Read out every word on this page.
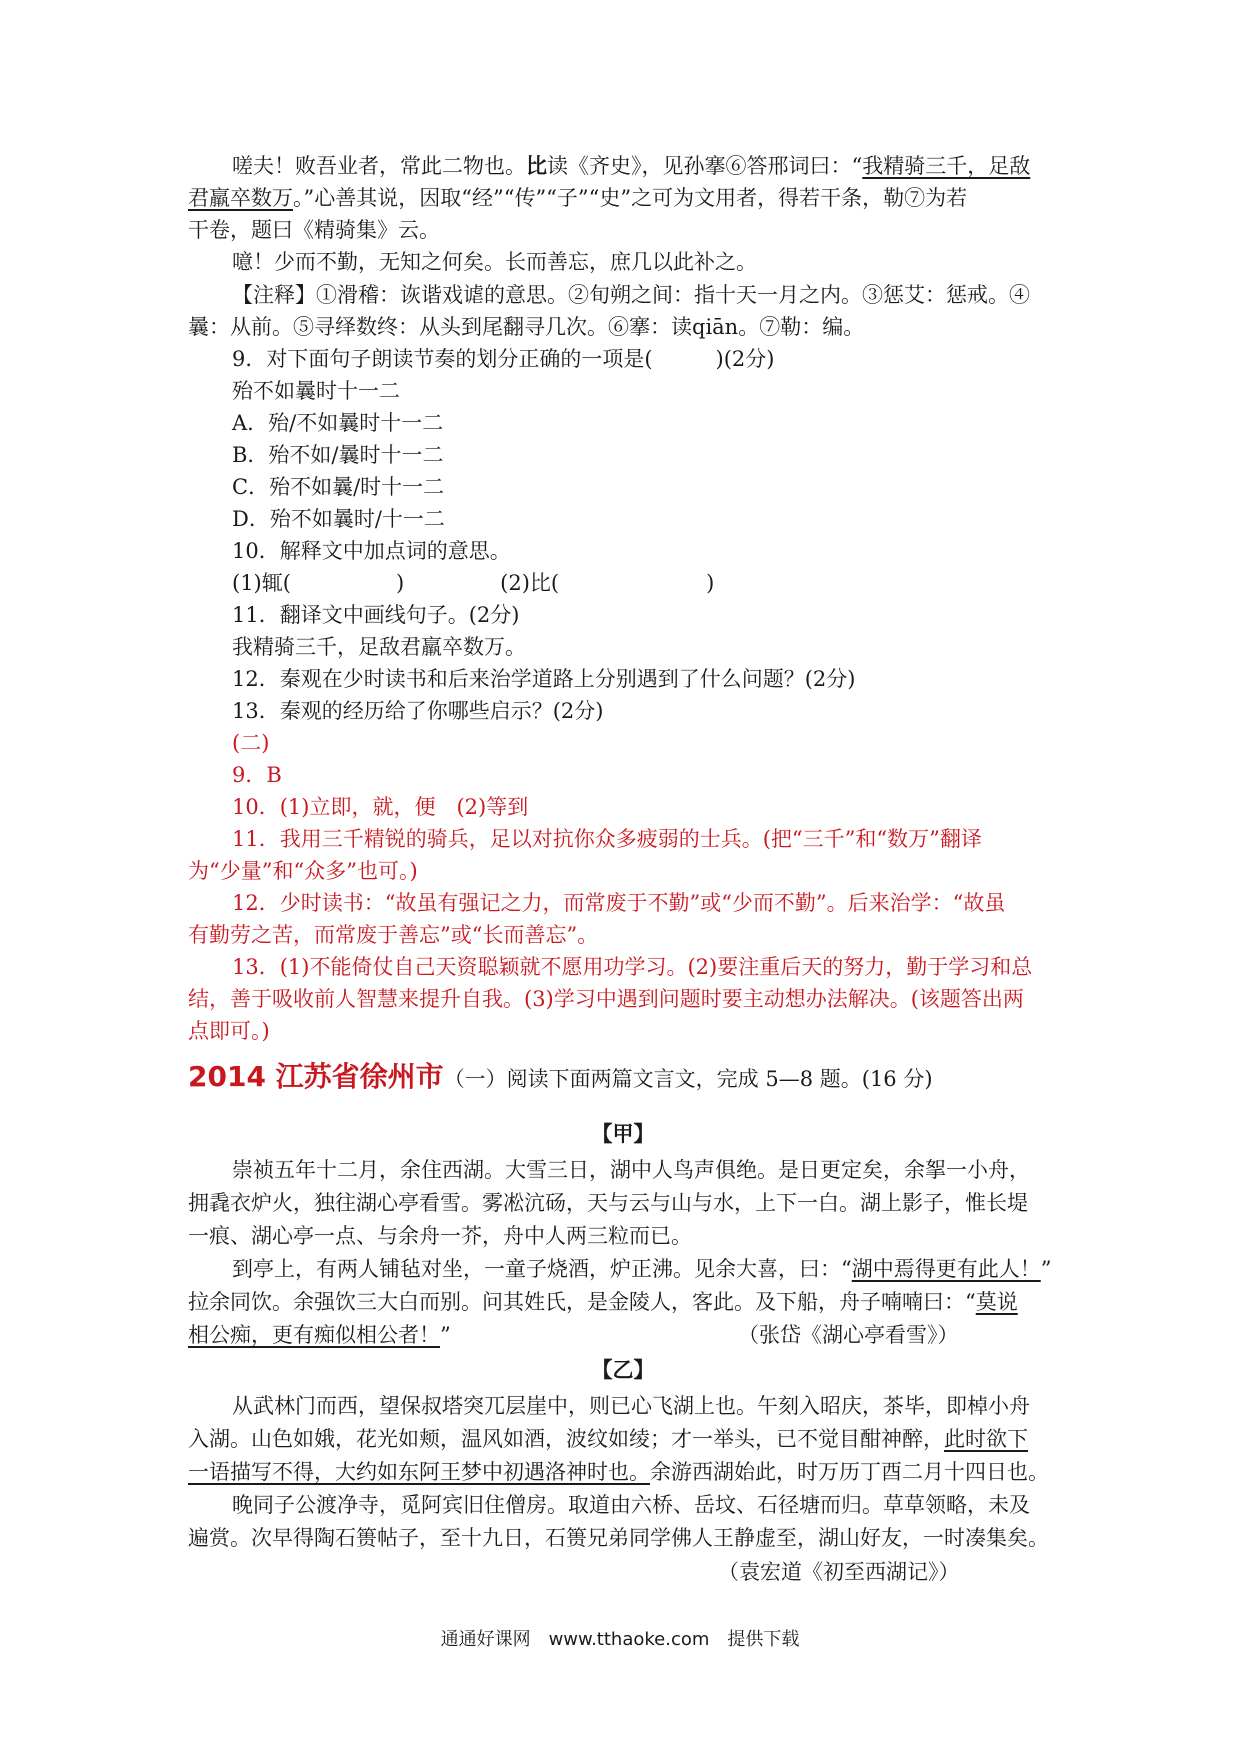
嗟夫！败吾业者，常此二物也。比读《齐史》，见孙搴⑥答邢词曰：“我精骑三千，足敌
君羸卒数万。”心善其说，因取“经”“传”“子”“史”之可为文用者，得若干条，勒⑦为若
干卷，题曰《精骑集》云。
噫！少而不勤，无知之何矣。长而善忘，庶几以此补之。
【注释】①滑稽：诙谐戏谑的意思。②旬朔之间：指十天一月之内。③惩艾：惩戒。④
曩：从前。⑤寻绎数终：从头到尾翻寻几次。⑥搴：读qiān。⑦勒：编。
9．对下面句子朗读节奏的划分正确的一项是(　　　)(2分)
殆不如曩时十一二
A．殆/不如曩时十一二
B．殆不如/曩时十一二
C．殆不如曩/时十一二
D．殆不如曩时/十一二
10．解释文中加点词的意思。
(1)辄(　　　　　)	(2)比(　　　　　　　)
11．翻译文中画线句子。(2分)
我精骑三千，足敌君羸卒数万。
12．秦观在少时读书和后来治学道路上分别遇到了什么问题？(2分)
13．秦观的经历给了你哪些启示？(2分)
(二)
9．B
10．(1)立即，就，便　(2)等到
11．我用三千精锐的骑兵，足以对抗你众多疲弱的士兵。(把“三千”和“数万”翻译
为“少量”和“众多”也可。)
12．少时读书：“故虽有强记之力，而常废于不勤”或“少而不勤”。后来治学：“故虽
有勤劳之苦，而常废于善忘”或“长而善忘”。
13．(1)不能倚仗自己天资聪颖就不愿用功学习。(2)要注重后天的努力，勤于学习和总
结，善于吸收前人智慧来提升自我。(3)学习中遇到问题时要主动想办法解决。(该题答出两
点即可。)
2014 江苏省徐州市（一）阅读下面两篇文言文，完成 5—8 题。(16 分)
【甲】
崇祯五年十二月，余住西湖。大雪三日，湖中人鸟声俱绝。是日更定矣，余挐一小舟，
拥毳衣炉火，独往湖心亭看雪。雾凇沆砀，天与云与山与水，上下一白。湖上影子，惟长堤
一痕、湖心亭一点、与余舟一芥，舟中人两三粒而已。
到亭上，有两人铺毡对坐，一童子烧酒，炉正沸。见余大喜，曰：“湖中焉得更有此人！”
拉余同饮。余强饮三大白而别。问其姓氏，是金陵人，客此。及下船，舟子喃喃曰：“莫说
相公痴，更有痴似相公者！”	（张岱《湖心亭看雪》）
【乙】
从武林门而西，望保叔塔突兀层崖中，则已心飞湖上也。午刻入昭庆，茶毕，即棹小舟
入湖。山色如娥，花光如颊，温风如酒，波纹如绫；才一举头，已不觉目酣神醉，此时欲下
一语描写不得，大约如东阿王梦中初遇洛神时也。余游西湖始此，时万历丁酉二月十四日也。
晚同子公渡净寺，觅阿宾旧住僧房。取道由六桥、岳坟、石径塘而归。草草领略，未及
遍赏。次早得陶石篑帖子，至十九日，石篑兄弟同学佛人王静虚至，湖山好友，一时凑集矣。
（袁宏道《初至西湖记》）
通通好课网　www.tthaoke.com　提供下载
